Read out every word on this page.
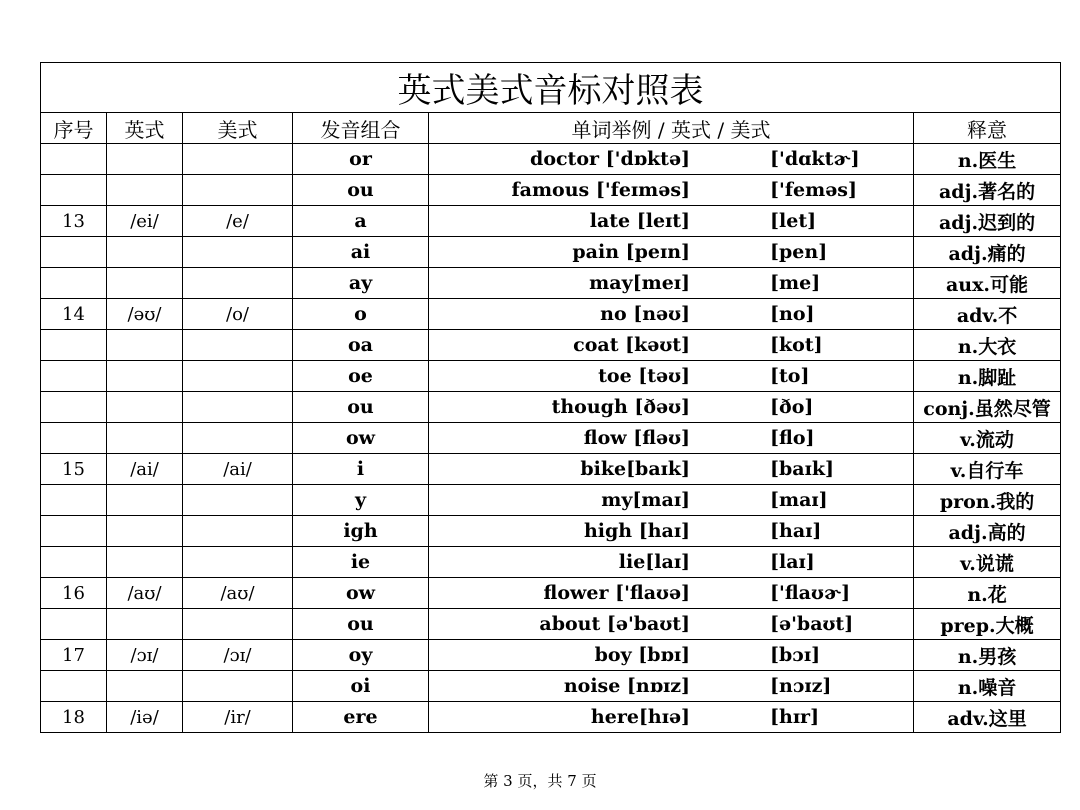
英式美式音标对照表					
序号	英式	美式	发音组合	单词举例 / 英式 / 美式	释意
			or	doctor ['dɒktə] ['dɑktɚ]	n.医生
			ou	famous ['feɪməs] ['feməs]	adj.著名的
13	/ei/	/e/	a	late [leɪt] [let]	adj.迟到的
			ai	pain [peɪn] [pen]	adj.痛的
			ay	may[meɪ] [me]	aux.可能
14	/əʊ/	/o/	o	no [nəʊ] [no]	adv.不
			oa	coat [kəʊt] [kot]	n.大衣
			oe	toe [təʊ] [to]	n.脚趾
			ou	though [ðəʊ] [ðo]	conj.虽然尽管
			ow	flow [fləʊ] [flo]	v.流动
15	/ai/	/ai/	i	bike[baɪk] [baɪk]	v.自行车
			y	my[maɪ] [maɪ]	pron.我的
			igh	high [haɪ] [haɪ]	adj.高的
			ie	lie[laɪ] [laɪ]	v.说谎
16	/aʊ/	/aʊ/	ow	flower ['flaʊə] ['flaʊɚ]	n.花
			ou	about [ə'baʊt] [ə'baʊt]	prep.大概
17	/ɔɪ/	/ɔɪ/	oy	boy [bɒɪ] [bɔɪ]	n.男孩
			oi	noise [nɒɪz] [nɔɪz]	n.噪音
18	/iə/	/ir/	ere	here[hɪə] [hɪr]	adv.这里
第 3 页，共 7 页
